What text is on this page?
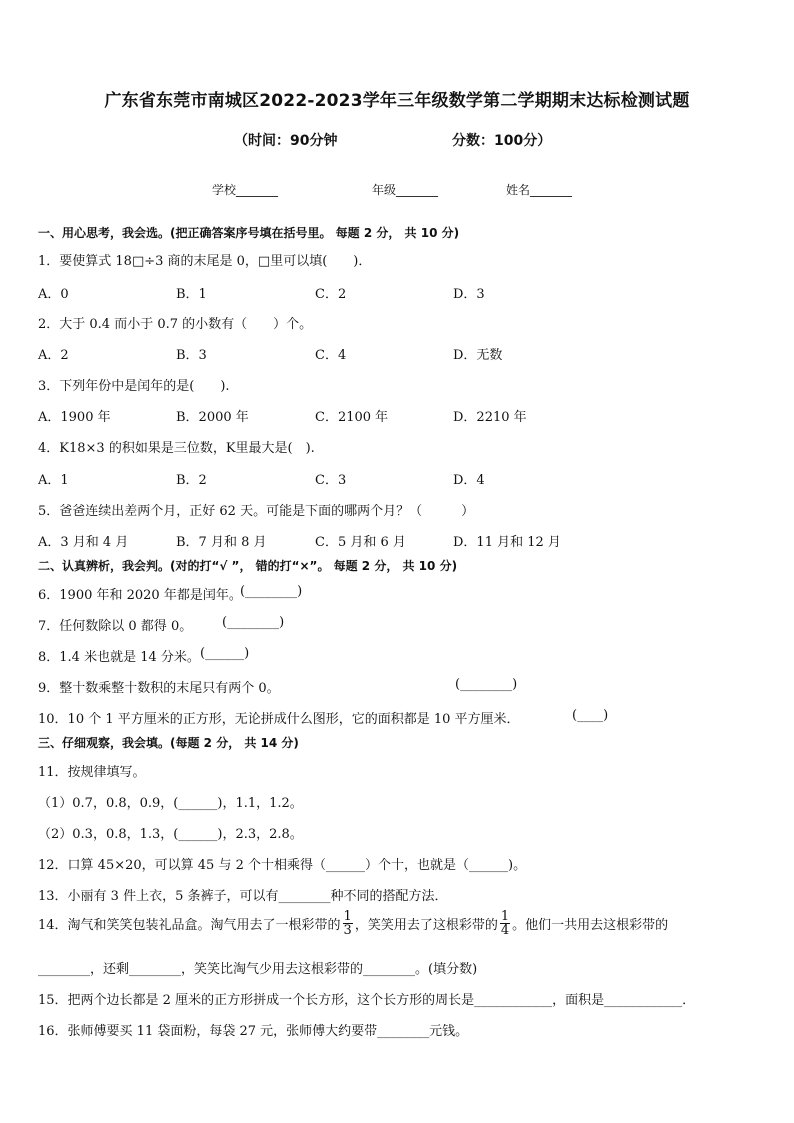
广东省东莞市南城区2022-2023学年三年级数学第二学期期末达标检测试题
（时间：90分钟	分数：100分）
学校_______	年级_______	姓名_______
一、用心思考，我会选。(把正确答案序号填在括号里。 每题 2 分， 共 10 分)
1．要使算式 18□÷3 商的末尾是 0，□里可以填(　　)．
A．0	B．1	C．2	D．3
2．大于 0.4 而小于 0.7 的小数有（　　）个。
A．2	B．3	C．4	D．无数
3．下列年份中是闰年的是(　　).
A．1900 年	B．2000 年	C．2100 年	D．2210 年
4．K18×3 的积如果是三位数，K里最大是(　).
A．1	B．2	C．3	D．4
5．爸爸连续出差两个月，正好 62 天。可能是下面的哪两个月？（　　　）
A．3 月和 4 月	B．7 月和 8 月	C．5 月和 6 月	D．11 月和 12 月
二、认真辨析，我会判。(对的打“√ ”， 错的打“×”。 每题 2 分， 共 10 分)
6．1900 年和 2020 年都是闰年。
(________)
7．任何数除以 0 都得 0。 (________)
8．1.4 米也就是 14 分米。 (______)
9．整十数乘整十数积的末尾只有两个 0。	(________)
10．10 个 1 平方厘米的正方形，无论拼成什么图形，它的面积都是 10 平方厘米．	(____)
三、仔细观察，我会填。(每题 2 分， 共 14 分)
11．按规律填写。
（1）0.7，0.8，0.9，(______)，1.1，1.2。
（2）0.3，0.8，1.3，(______)，2.3，2.8。
12．口算 45×20，可以算 45 与 2 个十相乘得（______）个十，也就是（______)。
13．小丽有 3 件上衣，5 条裤子，可以有________种不同的搭配方法．
14．淘气和笑笑包装礼品盒。淘气用去了一根彩带的 $\frac{1}{3}$ ，笑笑用去了这根彩带的 $\frac{1}{4}$ 。他们一共用去这根彩带的
________，还剩________，笑笑比淘气少用去这根彩带的________。(填分数)
15．把两个边长都是 2 厘米的正方形拼成一个长方形，这个长方形的周长是____________，面积是____________．
16．张师傅要买 11 袋面粉，每袋 27 元，张师傅大约要带________元钱。
